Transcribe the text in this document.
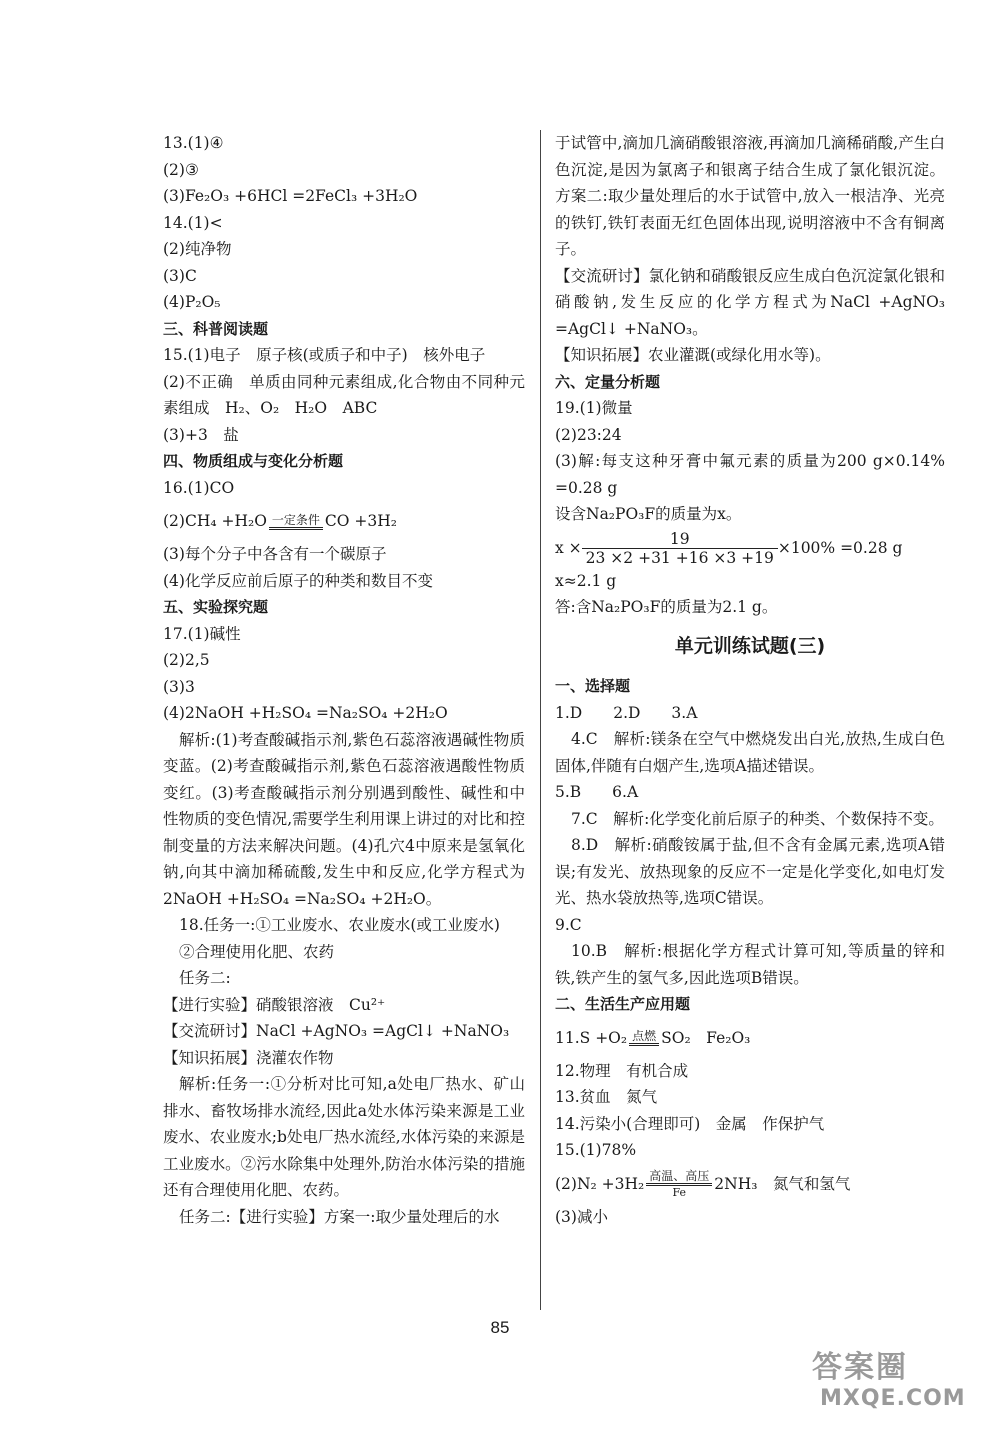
13.(1)④
(2)③
(3)Fe₂O₃ +6HCl =2FeCl₃ +3H₂O
14.(1)<
(2)纯净物
(3)C
(4)P₂O₅
三、科普阅读题
15.(1)电子　原子核(或质子和中子)　核外电子
(2)不正确　单质由同种元素组成,化合物由不同种元素组成　H₂、O₂　H₂O　ABC
(3)+3　盐
四、物质组成与变化分析题
16.(1)CO
(2)CH₄ +H₂O 一定条件 CO +3H₂
(3)每个分子中各含有一个碳原子
(4)化学反应前后原子的种类和数目不变
五、实验探究题
17.(1)碱性
(2)2,5
(3)3
(4)2NaOH +H₂SO₄ =Na₂SO₄ +2H₂O
解析:(1)考查酸碱指示剂,紫色石蕊溶液遇碱性物质变蓝。(2)考查酸碱指示剂,紫色石蕊溶液遇酸性物质变红。(3)考查酸碱指示剂分别遇到酸性、碱性和中性物质的变色情况,需要学生利用课上讲过的对比和控制变量的方法来解决问题。(4)孔穴4中原来是氢氧化钠,向其中滴加稀硫酸,发生中和反应,化学方程式为2NaOH +H₂SO₄ =Na₂SO₄ +2H₂O。
18.任务一:①工业废水、农业废水(或工业废水)
②合理使用化肥、农药
任务二:
【进行实验】硝酸银溶液　Cu²⁺
【交流研讨】NaCl +AgNO₃ =AgCl↓ +NaNO₃
【知识拓展】浇灌农作物
解析:任务一:①分析对比可知,a处电厂热水、矿山排水、畜牧场排水流经,因此a处水体污染来源是工业废水、农业废水;b处电厂热水流经,水体污染的来源是工业废水。②污水除集中处理外,防治水体污染的措施还有合理使用化肥、农药。
任务二:【进行实验】方案一:取少量处理后的水
于试管中,滴加几滴硝酸银溶液,再滴加几滴稀硝酸,产生白色沉淀,是因为氯离子和银离子结合生成了氯化银沉淀。方案二:取少量处理后的水于试管中,放入一根洁净、光亮的铁钉,铁钉表面无红色固体出现,说明溶液中不含有铜离子。
【交流研讨】氯化钠和硝酸银反应生成白色沉淀氯化银和硝酸钠,发生反应的化学方程式为NaCl +AgNO₃ =AgCl↓ +NaNO₃。
【知识拓展】农业灌溉(或绿化用水等)。
六、定量分析题
19.(1)微量
(2)23:24
(3)解:每支这种牙膏中氟元素的质量为200 g×0.14% =0.28 g
设含Na₂PO₃F的质量为x。
$x \times \frac{19}{23 \times 2 +31 +16 \times 3 +19} \times 100\% =0.28$ g
x≈2.1 g
答:含Na₂PO₃F的质量为2.1 g。
单元训练试题(三)
一、选择题
1.D　　2.D　　3.A
4.C　解析:镁条在空气中燃烧发出白光,放热,生成白色固体,伴随有白烟产生,选项A描述错误。
5.B　　6.A
7.C　解析:化学变化前后原子的种类、个数保持不变。
8.D　解析:硝酸铵属于盐,但不含有金属元素,选项A错误;有发光、放热现象的反应不一定是化学变化,如电灯发光、热水袋放热等,选项C错误。
9.C
10.B　解析:根据化学方程式计算可知,等质量的锌和铁,铁产生的氢气多,因此选项B错误。
二、生活生产应用题
11.S +O₂ 点燃 SO₂　Fe₂O₃
12.物理　有机合成
13.贫血　氮气
14.污染小(合理即可)　金属　作保护气
15.(1)78%
(2)N₂ +3H₂ 高温、高压
Fe	2NH₃　氮气和氢气
(3)减小
85
答案圈
MXQE.COM
